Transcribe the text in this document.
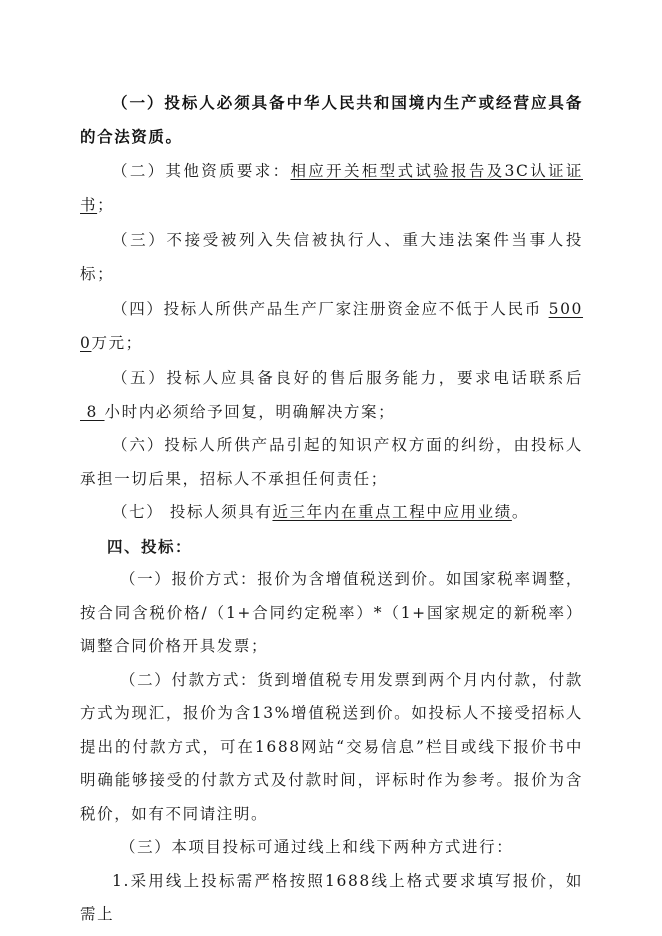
（一）投标人必须具备中华人民共和国境内生产或经营应具备的合法资质。

（二）其他资质要求：相应开关柜型式试验报告及3C认证证书；

（三）不接受被列入失信被执行人、重大违法案件当事人投标；

（四）投标人所供产品生产厂家注册资金应不低于人民币 5000万元；

（五）投标人应具备良好的售后服务能力，要求电话联系后 8 小时内必须给予回复，明确解决方案；

（六）投标人所供产品引起的知识产权方面的纠纷，由投标人承担一切后果，招标人不承担任何责任；

（七） 投标人须具有近三年内在重点工程中应用业绩。

四、投标：

（一）报价方式：报价为含增值税送到价。如国家税率调整，按合同含税价格/（1+合同约定税率）*（1+国家规定的新税率）调整合同价格开具发票；

（二）付款方式：货到增值税专用发票到两个月内付款，付款方式为现汇，报价为含13%增值税送到价。如投标人不接受招标人提出的付款方式，可在1688网站“交易信息”栏目或线下报价书中明确能够接受的付款方式及付款时间，评标时作为参考。报价为含税价，如有不同请注明。

（三）本项目投标可通过线上和线下两种方式进行：

1.采用线上投标需严格按照1688线上格式要求填写报价，如需上
